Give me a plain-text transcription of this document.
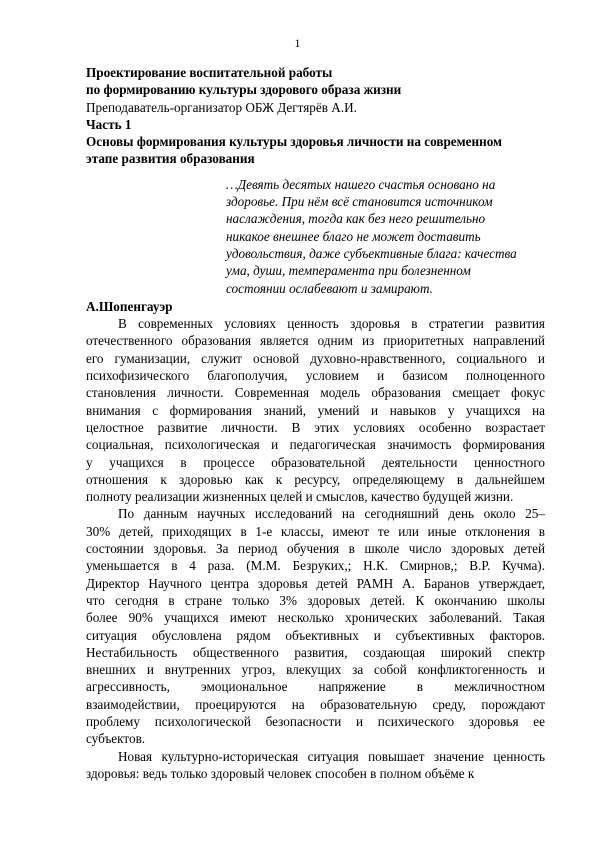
1
Проектирование воспитательной работы
по формированию культуры здорового образа жизни
Преподаватель-организатор ОБЖ Дегтярёв А.И.
Часть 1
Основы формирования культуры здоровья личности на современном
этапе развития образования
…Девять десятых нашего счастья основано на
здоровье. При нём всё становится источником
наслаждения, тогда как без него решительно
никакое внешнее благо не может доставить
удовольствия, даже субъективные блага: качества
ума, души, темперамента при болезненном
состоянии ослабевают и замирают.
А.Шопенгауэр
В современных условиях ценность здоровья в стратегии развития
отечественного образования является одним из приоритетных направлений
его гуманизации, служит основой духовно-нравственного, социального и
психофизического благополучия, условием и базисом полноценного
становления личности. Современная модель образования смещает фокус
внимания с формирования знаний, умений и навыков у учащихся на
целостное развитие личности. В этих условиях особенно возрастает
социальная, психологическая и педагогическая значимость формирования
у учащихся в процессе образовательной деятельности ценностного
отношения к здоровью как к ресурсу, определяющему в дальнейшем
полноту реализации жизненных целей и смыслов, качество будущей жизни.
По данным научных исследований на сегодняшний день около 25–
30% детей, приходящих в 1-е классы, имеют те или иные отклонения в
состоянии здоровья. За период обучения в школе число здоровых детей
уменьшается в 4 раза. (М.М. Безруких,; Н.К. Смирнов,; В.Р. Кучма).
Директор Научного центра здоровья детей РАМН А. Баранов утверждает,
что сегодня в стране только 3% здоровых детей. К окончанию школы
более 90% учащихся имеют несколько хронических заболеваний. Такая
ситуация обусловлена рядом объективных и субъективных факторов.
Нестабильность общественного развития, создающая широкий спектр
внешних и внутренних угроз, влекущих за собой конфликтогенность и
агрессивность, эмоциональное напряжение в межличностном
взаимодействии, проецируются на образовательную среду, порождают
проблему психологической безопасности и психического здоровья ее
субъектов.
Новая культурно-историческая ситуация повышает значение ценность
здоровья: ведь только здоровый человек способен в полном объёме к
